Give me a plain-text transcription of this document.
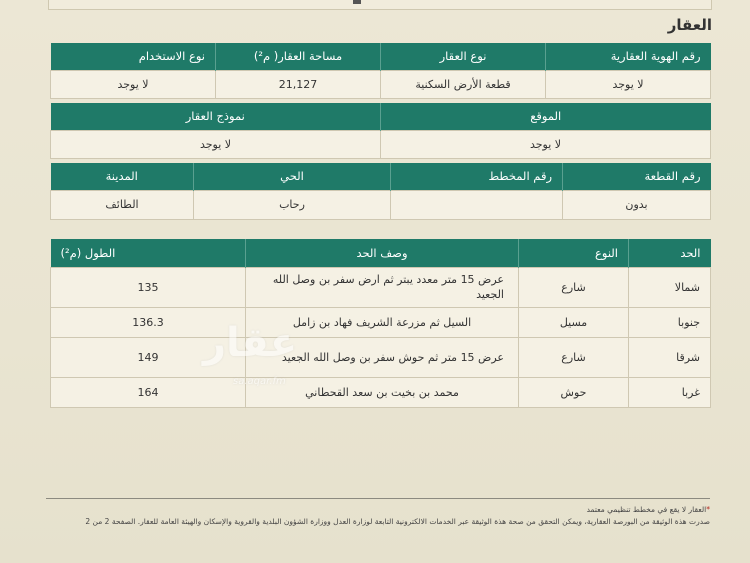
العقار
رقم الهوية العقارية	نوع العقار	مساحة العقار( م²)	نوع الاستخدام
لا يوجد	قطعة الأرض السكنية	21,127	لا يوجد
الموقع	نموذج العقار
لا يوجد	لا يوجد
رقم القطعة	رقم المخطط	الحي	المدينة
بدون		رحاب	الطائف
الحد	النوع	وصف الحد	الطول (م²)
شمالا	شارع	عرض 15 متر معدد يبتر ثم ارض سفر بن وصل الله الجعيد	135
جنوبا	مسيل	السيل ثم مزرعة الشريف فهاد بن زامل	136.3
شرقا	شارع	عرض 15 متر ثم حوش سفر بن وصل الله الجعيد	149
غربا	حوش	محمد بن بخيت بن سعد القحطاني	164
عقار
sa.aqar.fm
*العقار لا يقع في مخطط تنظيمي معتمد
صدرت هذة الوثيقة من البورصة العقارية، ويمكن التحقق من صحة هذة الوثيقة عبر الخدمات الالكترونية التابعة لوزارة العدل ووزارة الشؤون البلدية والقروية والإسكان والهيئة العامة للعقار. الصفحة 2 من 2
